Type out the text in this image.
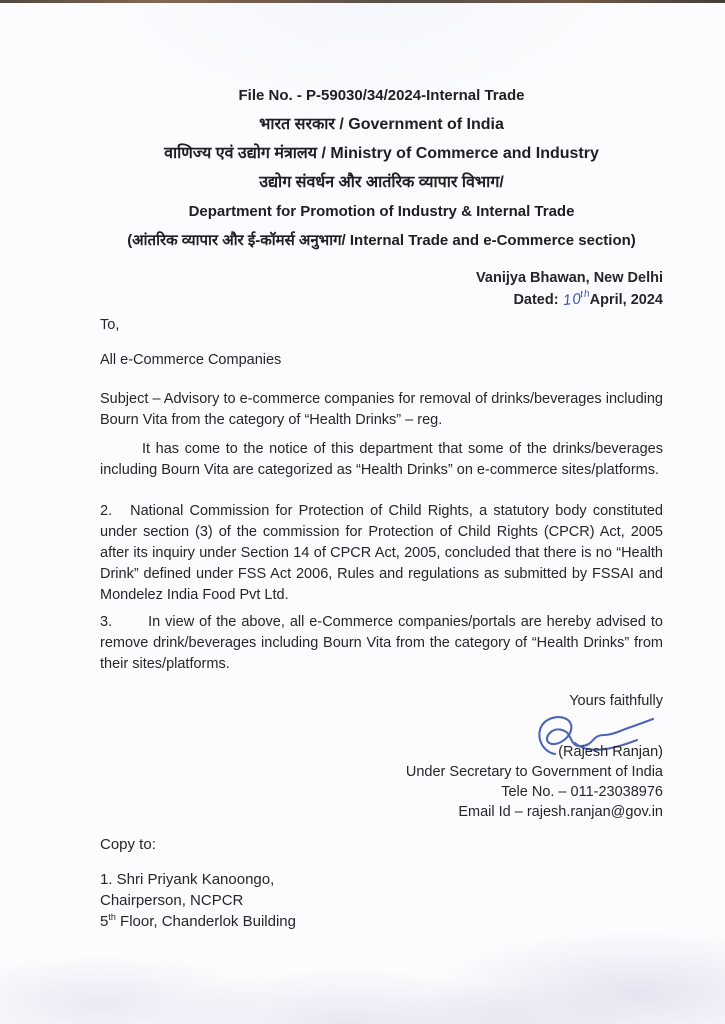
File No. - P-59030/34/2024-Internal Trade
भारत सरकार / Government of India
वाणिज्य एवं उद्योग मंत्रालय / Ministry of Commerce and Industry
उद्योग संवर्धन और आतंरिक व्यापार विभाग/
Department for Promotion of Industry & Internal Trade
(आंतरिक व्यापार और ई-कॉमर्स अनुभाग/ Internal Trade and e-Commerce section)
Vanijya Bhawan, New Delhi
Dated: 10th April, 2024
To,
All e-Commerce Companies

Subject – Advisory to e-commerce companies for removal of drinks/beverages including Bourn Vita from the category of “Health Drinks” – reg.

It has come to the notice of this department that some of the drinks/beverages including Bourn Vita are categorized as “Health Drinks” on e-commerce sites/platforms.

2. National Commission for Protection of Child Rights, a statutory body constituted under section (3) of the commission for Protection of Child Rights (CPCR) Act, 2005 after its inquiry under Section 14 of CPCR Act, 2005, concluded that there is no “Health Drink” defined under FSS Act 2006, Rules and regulations as submitted by FSSAI and Mondelez India Food Pvt Ltd.

3. In view of the above, all e-Commerce companies/portals are hereby advised to remove drink/beverages including Bourn Vita from the category of “Health Drinks” from their sites/platforms.

Yours faithfully
(Rajesh Ranjan)
Under Secretary to Government of India
Tele No. – 011-23038976
Email Id – rajesh.ranjan@gov.in
Copy to:
1. Shri Priyank Kanoongo,
Chairperson, NCPCR
5th Floor, Chanderlok Building
